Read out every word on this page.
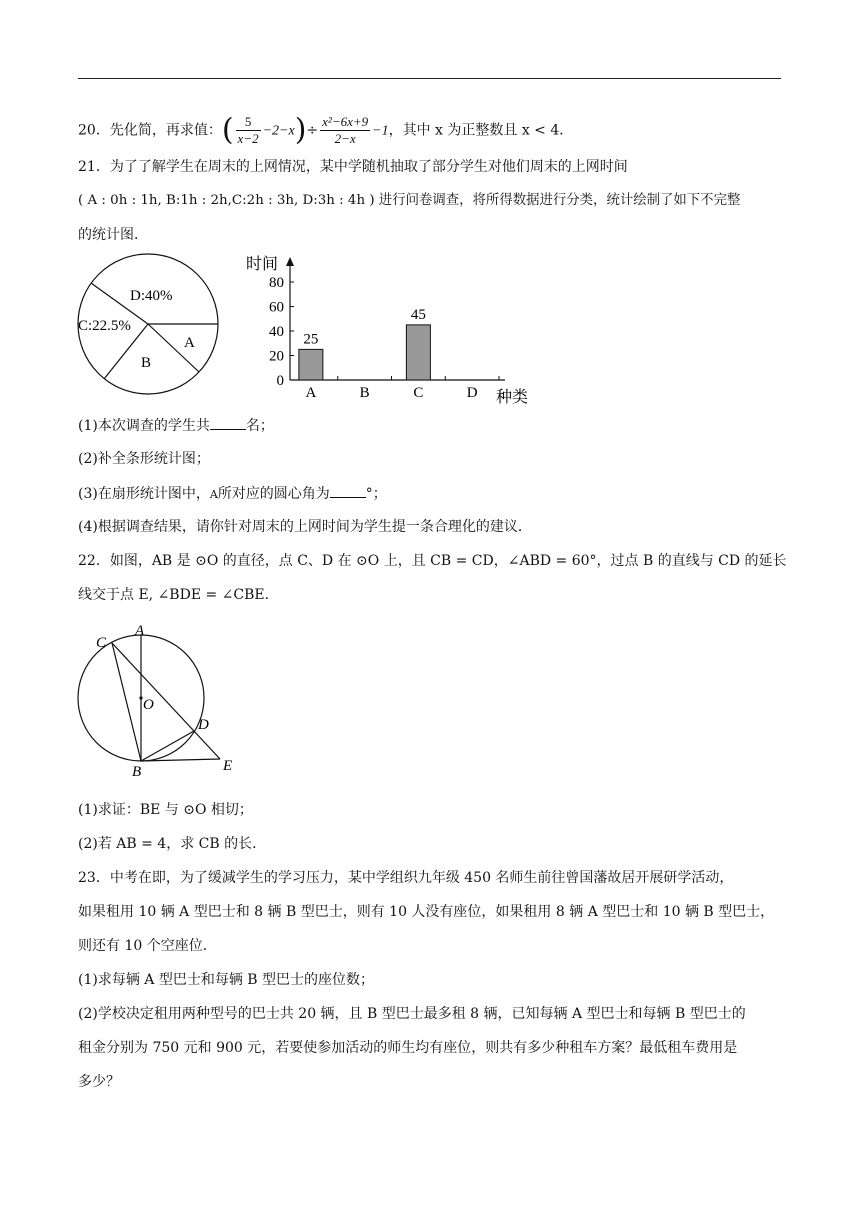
20．先化简，再求值：( $\frac{5}{x-2} -2-x)\div \frac{\text{x²−6x+9}}{2-x} -1$，其中 x 为正整数且 x < 4．
21．为了了解学生在周末的上网情况，某中学随机抽取了部分学生对他们周末的上网时间
( A : 0h : 1h, B:1h : 2h,C:2h : 3h, D:3h : 4h ) 进行问卷调查，将所得数据进行分类，统计绘制了如下不完整
的统计图．
D:40%
C:22.5%
B
A
0
20
40
60
80
25
45
A	B	C	D
时间
种类
(1)本次调查的学生共	名；
(2)补全条形统计图；
(3)在扇形统计图中，A所对应的圆心角为	°；
(4)根据调查结果，请你针对周末的上网时间为学生提一条合理化的建议．
22．如图，AB 是 ⊙O 的直径，点 C、D 在 ⊙O 上，且 CB = CD，∠ABD = 60°，过点 B 的直线与 CD 的延长
线交于点 E, ∠BDE = ∠CBE．
A
C
O
D
B	E
(1)求证：BE 与 ⊙O 相切；
(2)若 AB = 4，求 CB 的长．
23．中考在即，为了缓减学生的学习压力，某中学组织九年级 450 名师生前往曾国藩故居开展研学活动，
如果租用 10 辆 A 型巴士和 8 辆 B 型巴士，则有 10 人没有座位，如果租用 8 辆 A 型巴士和 10 辆 B 型巴士，
则还有 10 个空座位．
(1)求每辆 A 型巴士和每辆 B 型巴士的座位数；
(2)学校决定租用两种型号的巴士共 20 辆，且 B 型巴士最多租 8 辆，已知每辆 A 型巴士和每辆 B 型巴士的
租金分别为 750 元和 900 元，若要使参加活动的师生均有座位，则共有多少种租车方案？最低租车费用是
多少？
